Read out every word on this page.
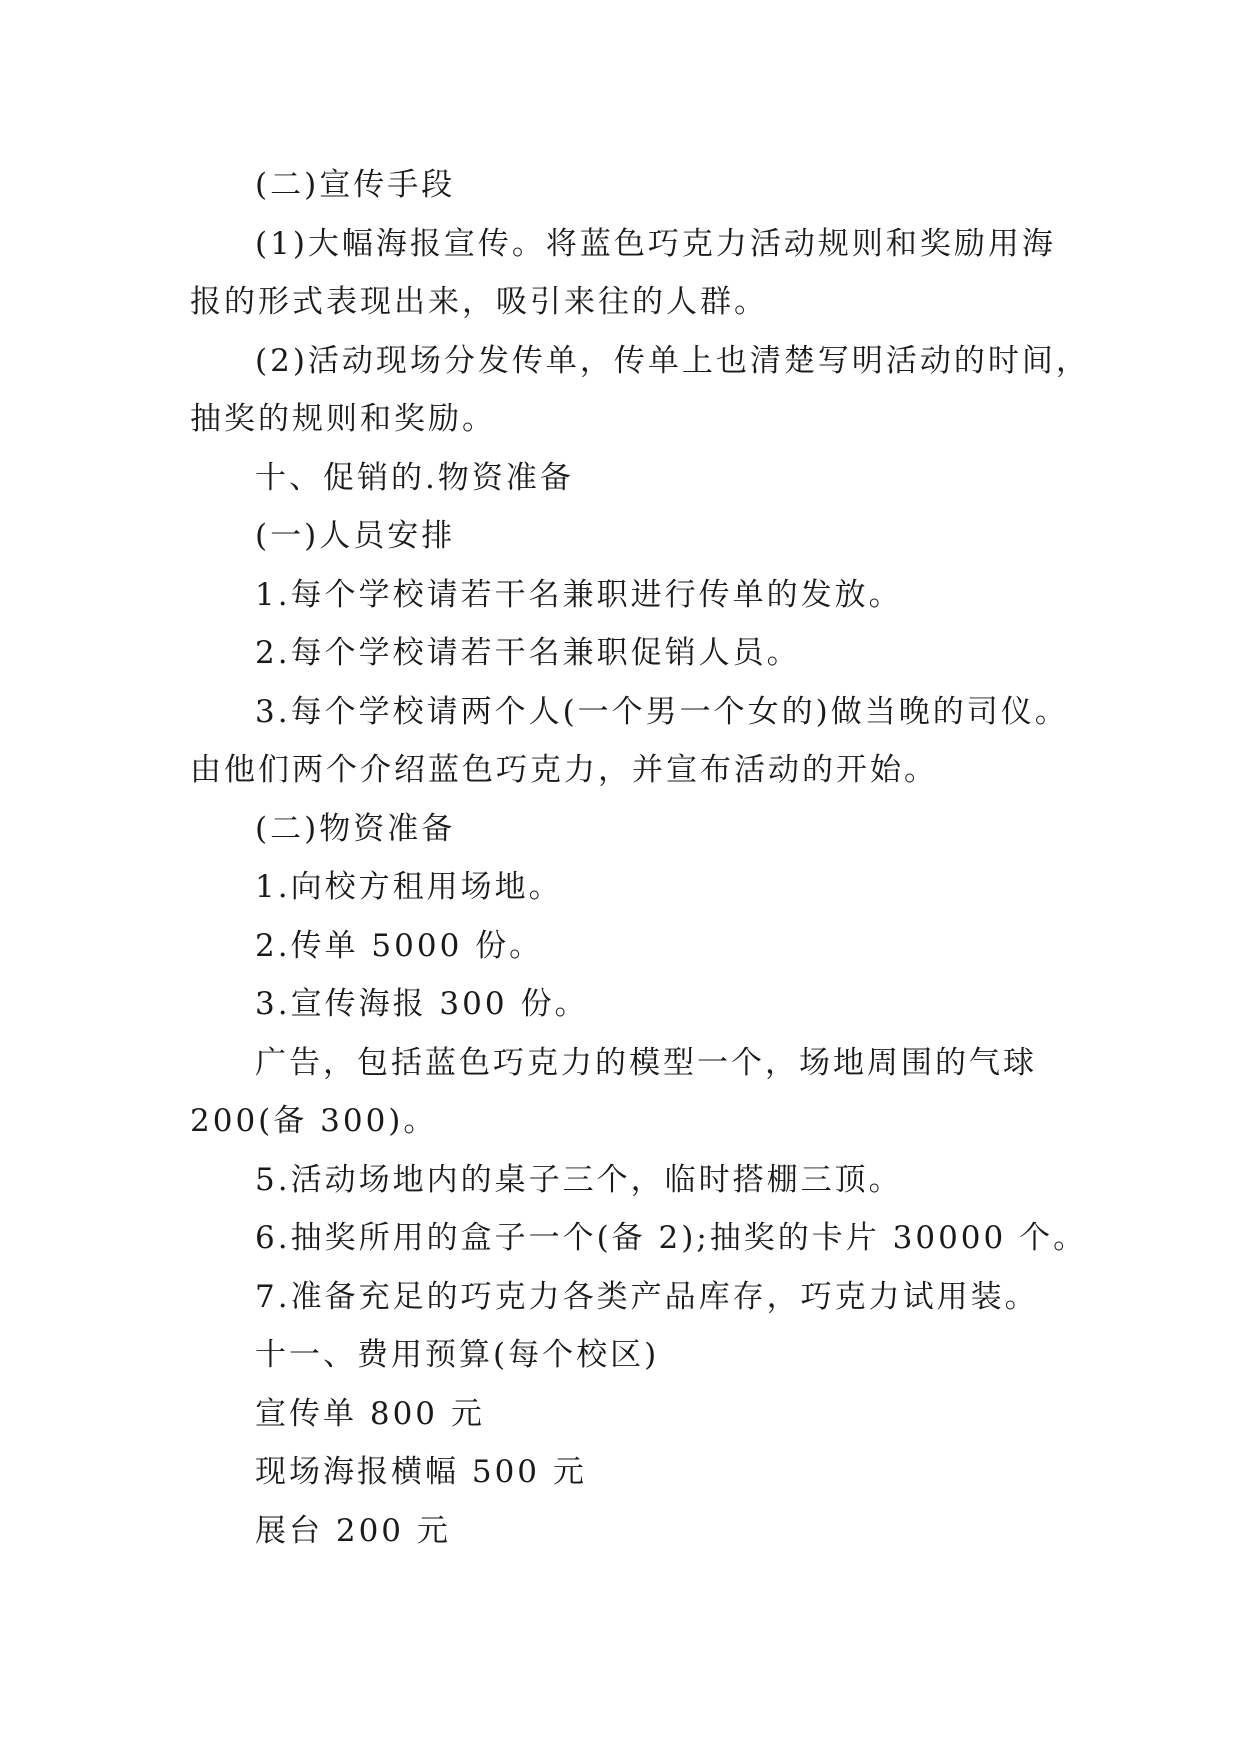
(二)宣传手段
(1)大幅海报宣传。将蓝色巧克力活动规则和奖励用海
报的形式表现出来，吸引来往的人群。
(2)活动现场分发传单，传单上也清楚写明活动的时间，
抽奖的规则和奖励。
十、促销的.物资准备
(一)人员安排
1.每个学校请若干名兼职进行传单的发放。
2.每个学校请若干名兼职促销人员。
3.每个学校请两个人(一个男一个女的)做当晚的司仪。
由他们两个介绍蓝色巧克力，并宣布活动的开始。
(二)物资准备
1.向校方租用场地。
2.传单 5000 份。
3.宣传海报 300 份。
广告，包括蓝色巧克力的模型一个，场地周围的气球
200(备 300)。
5.活动场地内的桌子三个，临时搭棚三顶。
6.抽奖所用的盒子一个(备 2);抽奖的卡片 30000 个。
7.准备充足的巧克力各类产品库存，巧克力试用装。
十一、费用预算(每个校区)
宣传单 800 元
现场海报横幅 500 元
展台 200 元
